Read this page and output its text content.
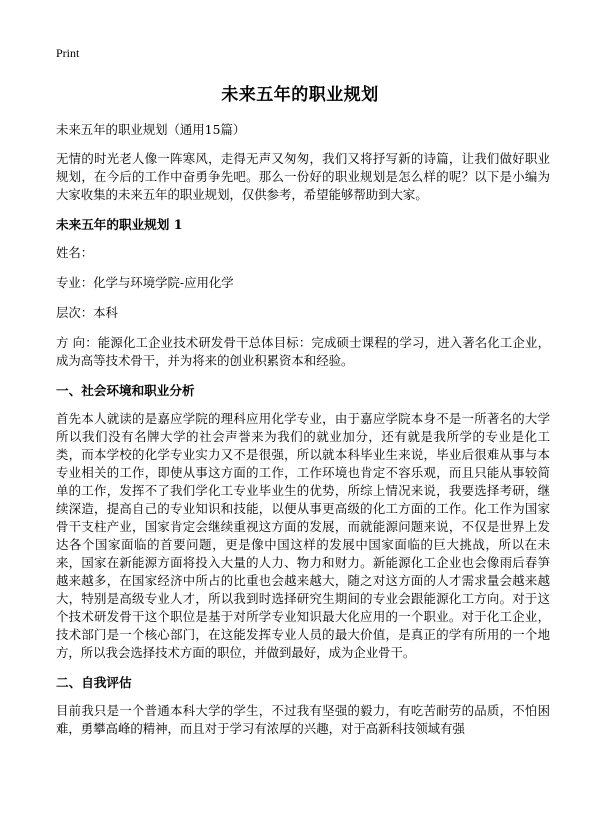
Print
未来五年的职业规划

未来五年的职业规划（通用15篇）

无情的时光老人像一阵寒风，走得无声又匆匆，我们又将抒写新的诗篇，让我们做好职业规划，在今后的工作中奋勇争先吧。那么一份好的职业规划是怎么样的呢？以下是小编为大家收集的未来五年的职业规划，仅供参考，希望能够帮助到大家。

未来五年的职业规划 1

姓名：

专业：化学与环境学院-应用化学

层次：本科

方 向：能源化工企业技术研发骨干总体目标：完成硕士课程的学习，进入著名化工企业，成为高等技术骨干，并为将来的创业积累资本和经验。

一、社会环境和职业分析

首先本人就读的是嘉应学院的理科应用化学专业，由于嘉应学院本身不是一所著名的大学所以我们没有名牌大学的社会声誉来为我们的就业加分，还有就是我所学的专业是化工类，而本学校的化学专业实力又不是很强，所以就本科毕业生来说，毕业后很难从事与本专业相关的工作，即使从事这方面的工作，工作环境也肯定不容乐观，而且只能从事较简单的工作，发挥不了我们学化工专业毕业生的优势，所综上情况来说，我要选择考研，继续深造，提高自己的专业知识和技能，以便从事更高级的化工方面的工作。化工作为国家骨干支柱产业，国家肯定会继续重视这方面的发展，而就能源问题来说，不仅是世界上发达各个国家面临的首要问题，更是像中国这样的发展中国家面临的巨大挑战，所以在未来，国家在新能源方面将投入大量的人力、物力和财力。新能源化工企业也会像雨后春笋越来越多，在国家经济中所占的比重也会越来越大，随之对这方面的人才需求量会越来越大，特别是高级专业人才，所以我到时选择研究生期间的专业会跟能源化工方向。对于这个技术研发骨干这个职位是基于对所学专业知识最大化应用的一个职业。对于化工企业，技术部门是一个核心部门，在这能发挥专业人员的最大价值，是真正的学有所用的一个地方，所以我会选择技术方面的职位，并做到最好，成为企业骨干。

二、自我评估

目前我只是一个普通本科大学的学生，不过我有坚强的毅力，有吃苦耐劳的品质，不怕困难，勇攀高峰的精神，而且对于学习有浓厚的兴趣，对于高新科技领域有强
